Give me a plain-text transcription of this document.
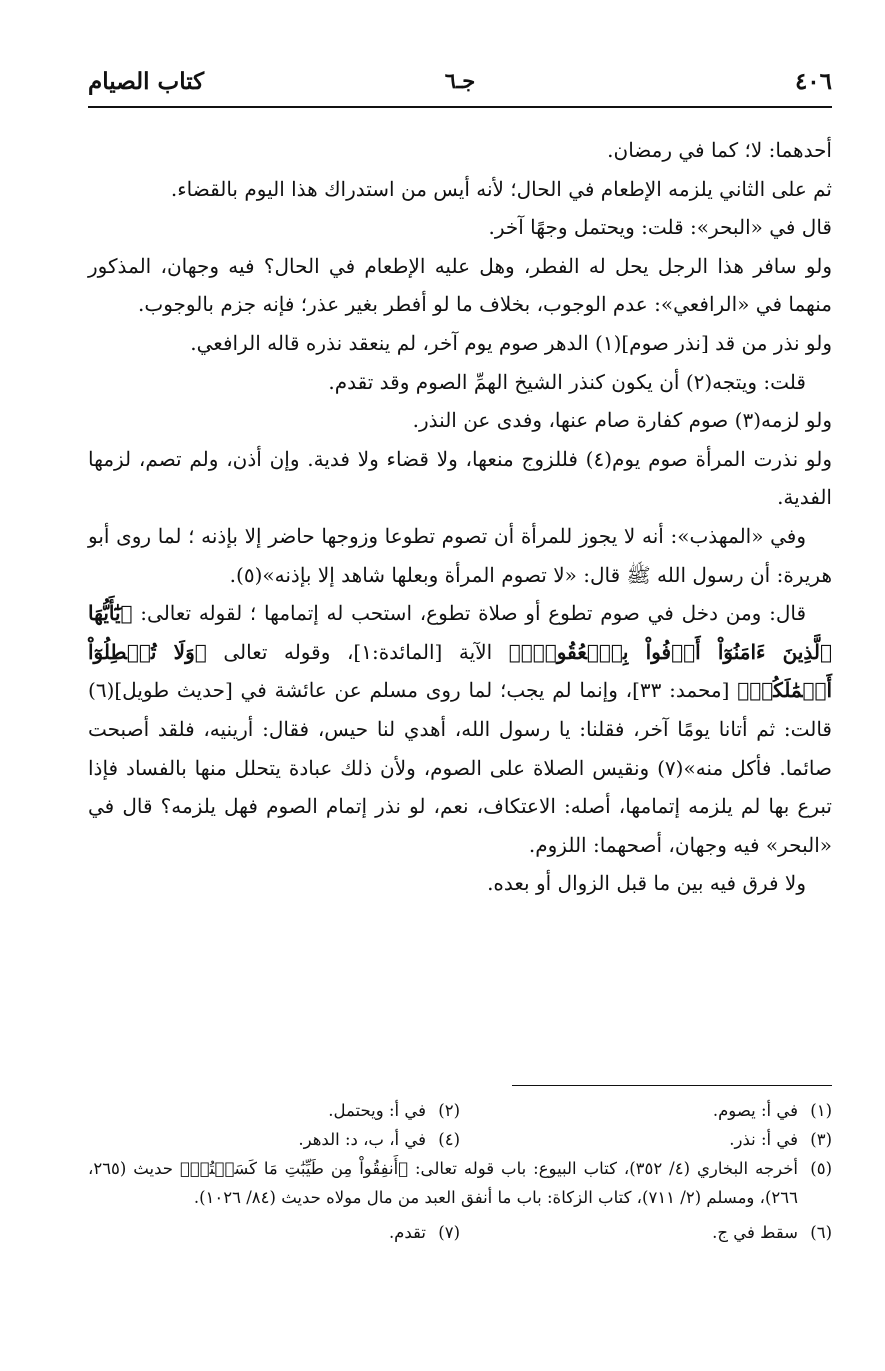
٤٠٦
جـ٦
كتاب الصيام

أحدهما: لا؛ كما في رمضان.

ثم على الثاني يلزمه الإطعام في الحال؛ لأنه أيس من استدراك هذا اليوم بالقضاء.

قال في «البحر»: قلت: ويحتمل وجهًا آخر.

ولو سافر هذا الرجل يحل له الفطر، وهل عليه الإطعام في الحال؟ فيه وجهان، المذكور منهما في «الرافعي»: عدم الوجوب، بخلاف ما لو أفطر بغير عذر؛ فإنه جزم بالوجوب.

ولو نذر من قد [نذر صوم](١) الدهر صوم يوم آخر، لم ينعقد نذره قاله الرافعي.

قلت: ويتجه(٢) أن يكون كنذر الشيخ الهمِّ الصوم وقد تقدم.

ولو لزمه(٣) صوم كفارة صام عنها، وفدى عن النذر.

ولو نذرت المرأة صوم يوم(٤) فللزوج منعها، ولا قضاء ولا فدية. وإن أذن، ولم تصم، لزمها الفدية.

وفي «المهذب»: أنه لا يجوز للمرأة أن تصوم تطوعا وزوجها حاضر إلا بإذنه ؛ لما روى أبو هريرة: أن رسول الله ﷺ قال: «لا تصوم المرأة وبعلها شاهد إلا بإذنه»(٥).

قال: ومن دخل في صوم تطوع أو صلاة تطوع، استحب له إتمامها ؛ لقوله تعالى: ﴿يَٰٓأَيُّهَا ٱلَّذِينَ ءَامَنُوٓاْ أَوۡفُواْ بِٱلۡعُقُودِۚ﴾ الآية [المائدة:١]، وقوله تعالى ﴿وَلَا تُبۡطِلُوٓاْ أَعۡمَٰلَكُمۡ﴾ [محمد: ٣٣]، وإنما لم يجب؛ لما روى مسلم عن عائشة في [حديث طويل](٦) قالت: ثم أتانا يومًا آخر، فقلنا: يا رسول الله، أهدي لنا حيس، فقال: أرينيه، فلقد أصبحت صائما. فأكل منه»(٧) ونقيس الصلاة على الصوم، ولأن ذلك عبادة يتحلل منها بالفساد فإذا تبرع بها لم يلزمه إتمامها، أصله: الاعتكاف، نعم، لو نذر إتمام الصوم فهل يلزمه؟ قال في «البحر» فيه وجهان، أصحهما: اللزوم.

ولا فرق فيه بين ما قبل الزوال أو بعده.

(١)
في أ: يصوم.
(٢)
في أ: ويحتمل.
(٣)
في أ: نذر.
(٤)
في أ، ب، د: الدهر.
(٥)
أخرجه البخاري (٤/ ٣٥٢)، كتاب البيوع: باب قوله تعالى: ﴿أَنفِقُواْ مِن طَيِّبَٰتِ مَا كَسَبۡتُمۡ﴾ حديث (٢٦٥، ٢٦٦)، ومسلم (٢/ ٧١١)، كتاب الزكاة: باب ما أنفق العبد من مال مولاه حديث (٨٤/ ١٠٢٦).
(٦)
سقط في ج.
(٧)
تقدم.
